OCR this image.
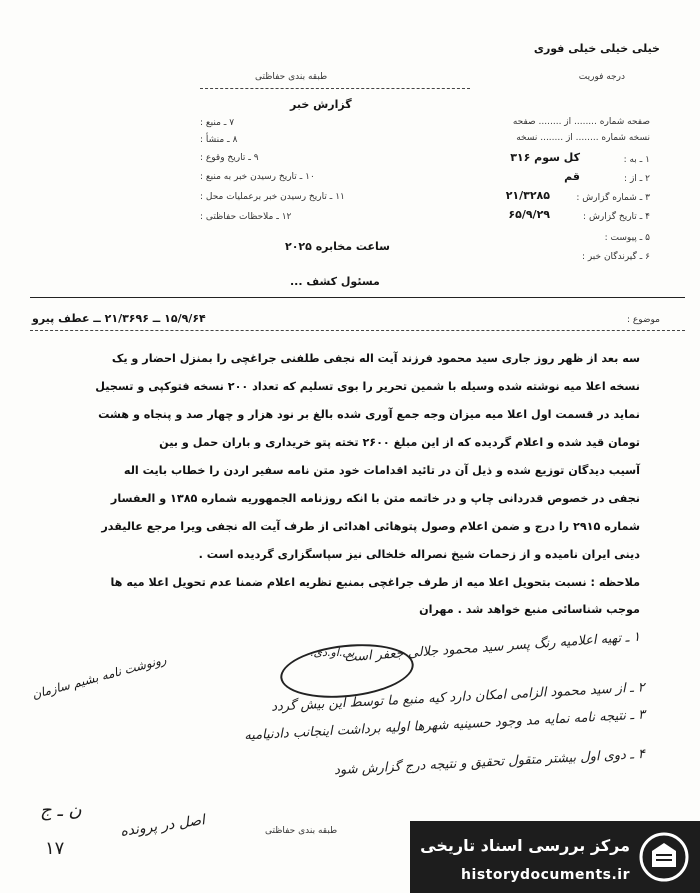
خیلی خیلی خیلی فوری
درجه فوریت
طبقه بندی حفاظتی
گزارش خبر
صفحه شماره ........ از ........ صفحه
نسخه شماره ........ از ........ نسخه
۷ ـ منبع :
۸ ـ منشأ :
۹ ـ تاریخ وقوع :
۱۰ ـ تاریخ رسیدن خبر به منبع :
۱۱ ـ تاریخ رسیدن خبر برعملیات محل :
۱۲ ـ ملاحظات حفاظتی :
۱ ـ به :
کل سوم ۳۱۶
۲ ـ از :
قم
۳ ـ شماره گزارش :
۲۱/۳۲۸۵
۴ ـ تاریخ گزارش :
۶۵/۹/۲۹
۵ ـ پیوست :
۶ ـ گیرندگان خبر :
ساعت مخابره ۲۰۲۵
مسئول کشف ...
۱۵/۹/۶۴ ــ ۲۱/۳۶۹۶ ــ عطف پیرو	موضوع :
سه بعد از ظهر روز جاری سید محمود فرزند آیت اله نجفی طلفنی جراغچی را بمنزل احضار و یک
نسخه اعلا میه نوشته شده وسیله با شمین تحریر را بوی تسلیم که تعداد ۲۰۰ نسخه فتوکپی و تسجیل
نماید در قسمت اول اعلا میه میزان وجه جمع آوری شده بالغ بر نود هزار و چهار صد و پنجاه و هشت
تومان قید شده و اعلام گردیده که از این مبلغ ۲۶۰۰ تخته پتو خریداری و باران حمل و بین
آسیب دیدگان توزیع شده و ذیل آن در تائید اقدامات خود متن نامه سفیر اردن را خطاب بایت اله
نجفی در خصوص قدردانی چاپ و در خاتمه متن با انکه روزنامه الجمهوریه شماره ۱۳۸۵ و العفسار
شماره ۲۹۱۵ را درج و ضمن اعلام وصول پتوهائی اهدائی از طرف آیت اله نجفی ویرا مرجع عالیقدر
دینی ایران نامیده و از زحمات شیخ نصراله خلخالی نیز سپاسگزاری گردیده است .
ملاحظه : نسبت بتحویل اعلا میه از طرف جراغچی بمنبع تظریه اعلام ضمنا عدم تحویل اعلا میه ها
موجب شناسائی منبع خواهد شد . مهران
۱ ـ تهیه اعلامیه رنگ پسر سید محمود جلالی جعفر است
۲ ـ از سید محمود الزامی امکان دارد کیه منبع ما توسط این بیش گردد
۳ ـ نتیجه نامه نمایه مد وجود حسینیه شهرها اولیه برداشت اینجانب دادنیامیه
۴ ـ دوی اول بیشتر متقول تحقیق و نتیجه درج گزارش شود
رونوشت نامه بشیم سازمان	بی.او.دی.
اصل در پرونده
ن ـ ج
۱۷
طبقه بندی حفاظتی
مرکز بررسی اسناد تاریخی
historydocuments.ir
